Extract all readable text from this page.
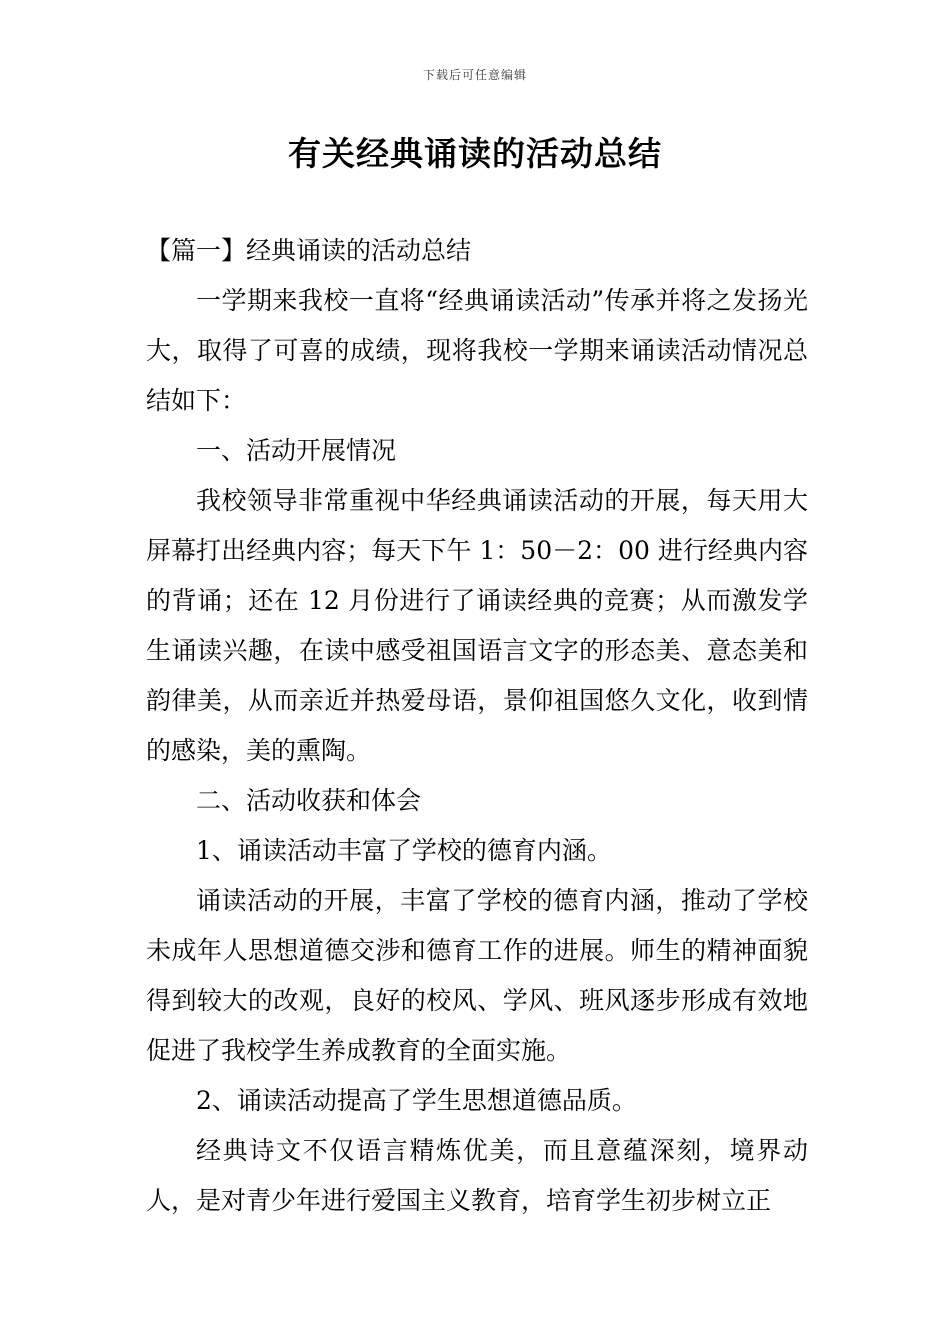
下载后可任意编辑
有关经典诵读的活动总结

【篇一】经典诵读的活动总结

一学期来我校一直将“经典诵读活动”传承并将之发扬光大，取得了可喜的成绩，现将我校一学期来诵读活动情况总结如下：

一、活动开展情况

我校领导非常重视中华经典诵读活动的开展，每天用大屏幕打出经典内容；每天下午 1：50－2：00 进行经典内容的背诵；还在 12 月份进行了诵读经典的竞赛；从而激发学生诵读兴趣，在读中感受祖国语言文字的形态美、意态美和韵律美，从而亲近并热爱母语，景仰祖国悠久文化，收到情的感染，美的熏陶。

二、活动收获和体会

1、诵读活动丰富了学校的德育内涵。

诵读活动的开展，丰富了学校的德育内涵，推动了学校未成年人思想道德交涉和德育工作的进展。师生的精神面貌得到较大的改观，良好的校风、学风、班风逐步形成有效地促进了我校学生养成教育的全面实施。

2、诵读活动提高了学生思想道德品质。

经典诗文不仅语言精炼优美，而且意蕴深刻，境界动人，是对青少年进行爱国主义教育，培育学生初步树立正
